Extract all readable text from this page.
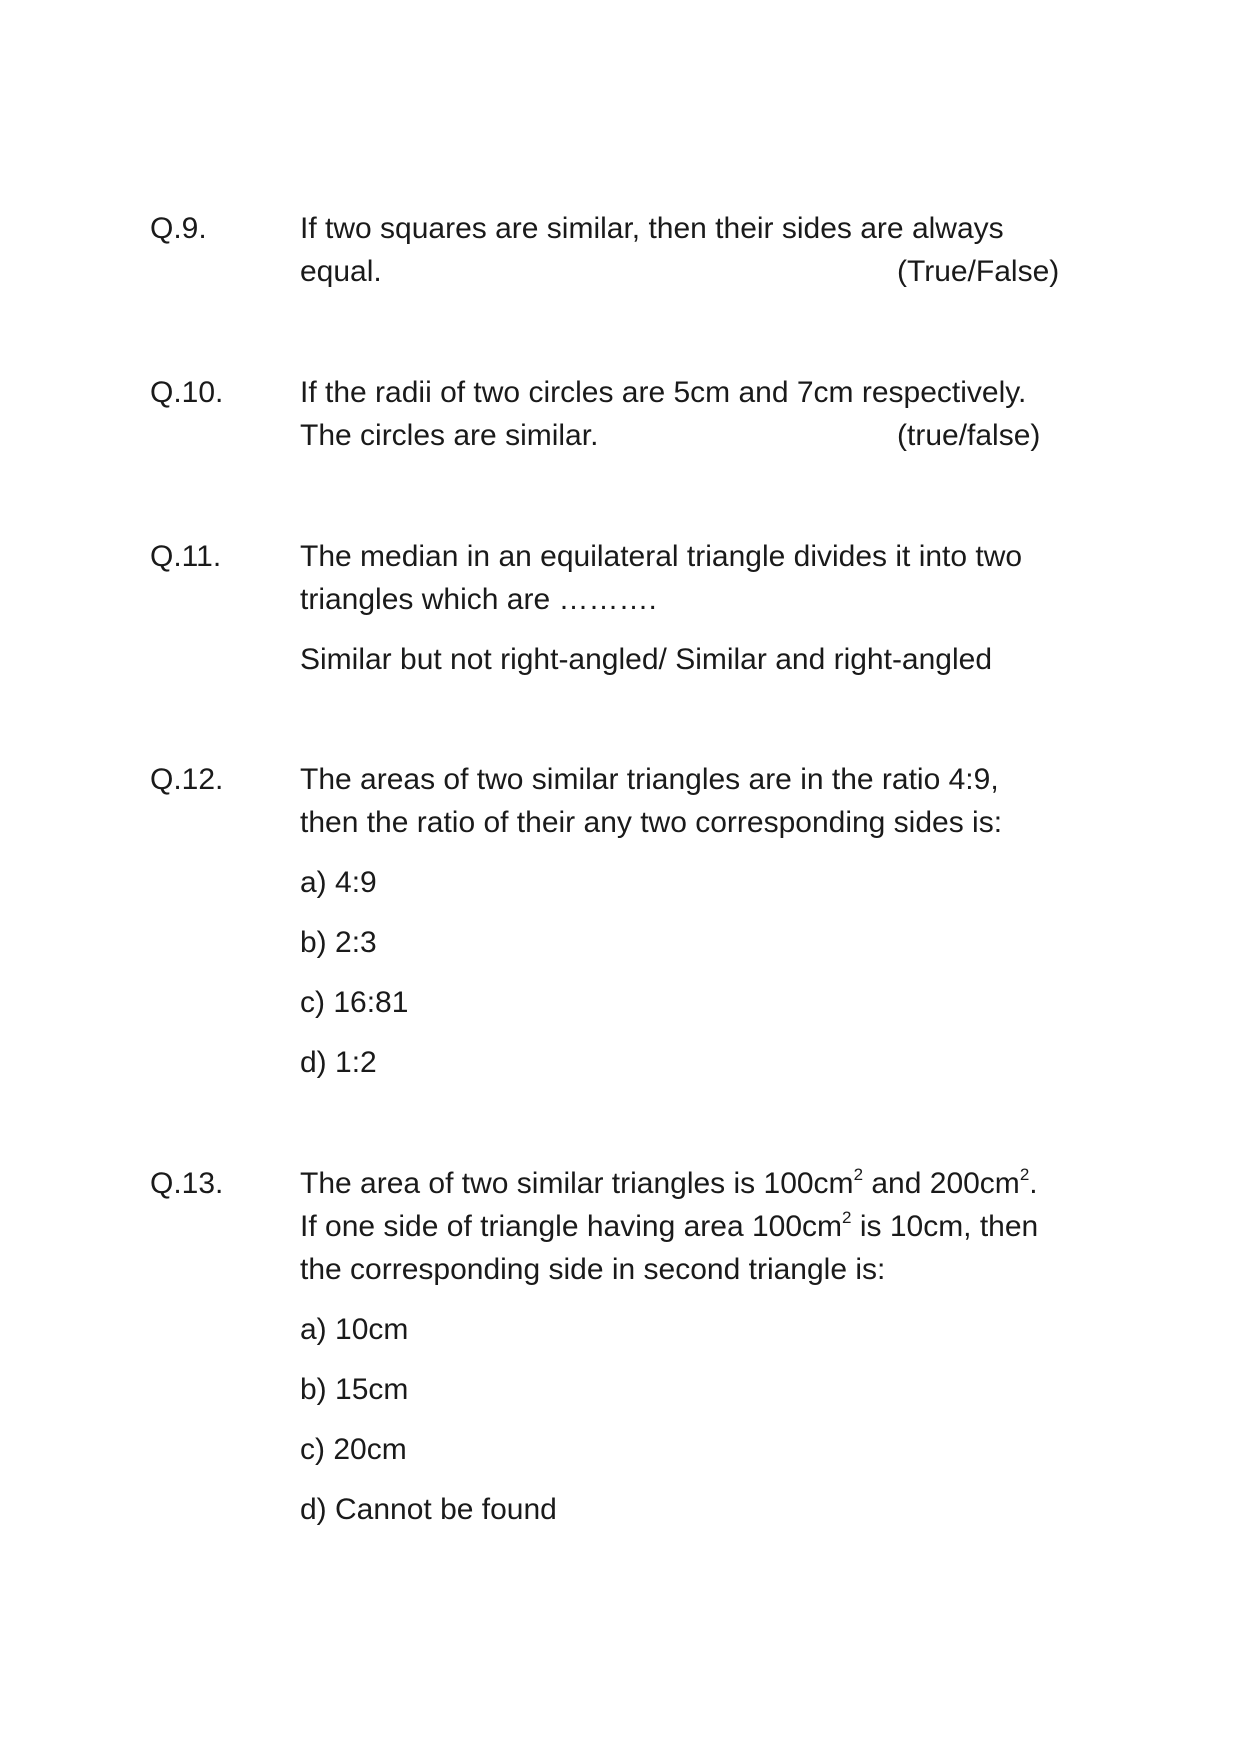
Q.9.	If two squares are similar, then their sides are always
equal.	(True/False)
Q.10.	If the radii of two circles are 5cm and 7cm respectively.
The circles are similar.	(true/false)
Q.11.	The median in an equilateral triangle divides it into two
triangles which are ……….
Similar but not right-angled/ Similar and right-angled
Q.12.	The areas of two similar triangles are in the ratio 4:9,
then the ratio of their any two corresponding sides is:
a) 4:9
b) 2:3
c) 16:81
d) 1:2
Q.13.	The area of two similar triangles is $100cm^2$ and $200cm^2$.
If one side of triangle having area $100cm^2$ is 10cm, then
the corresponding side in second triangle is:
a) 10cm
b) 15cm
c) 20cm
d) Cannot be found
